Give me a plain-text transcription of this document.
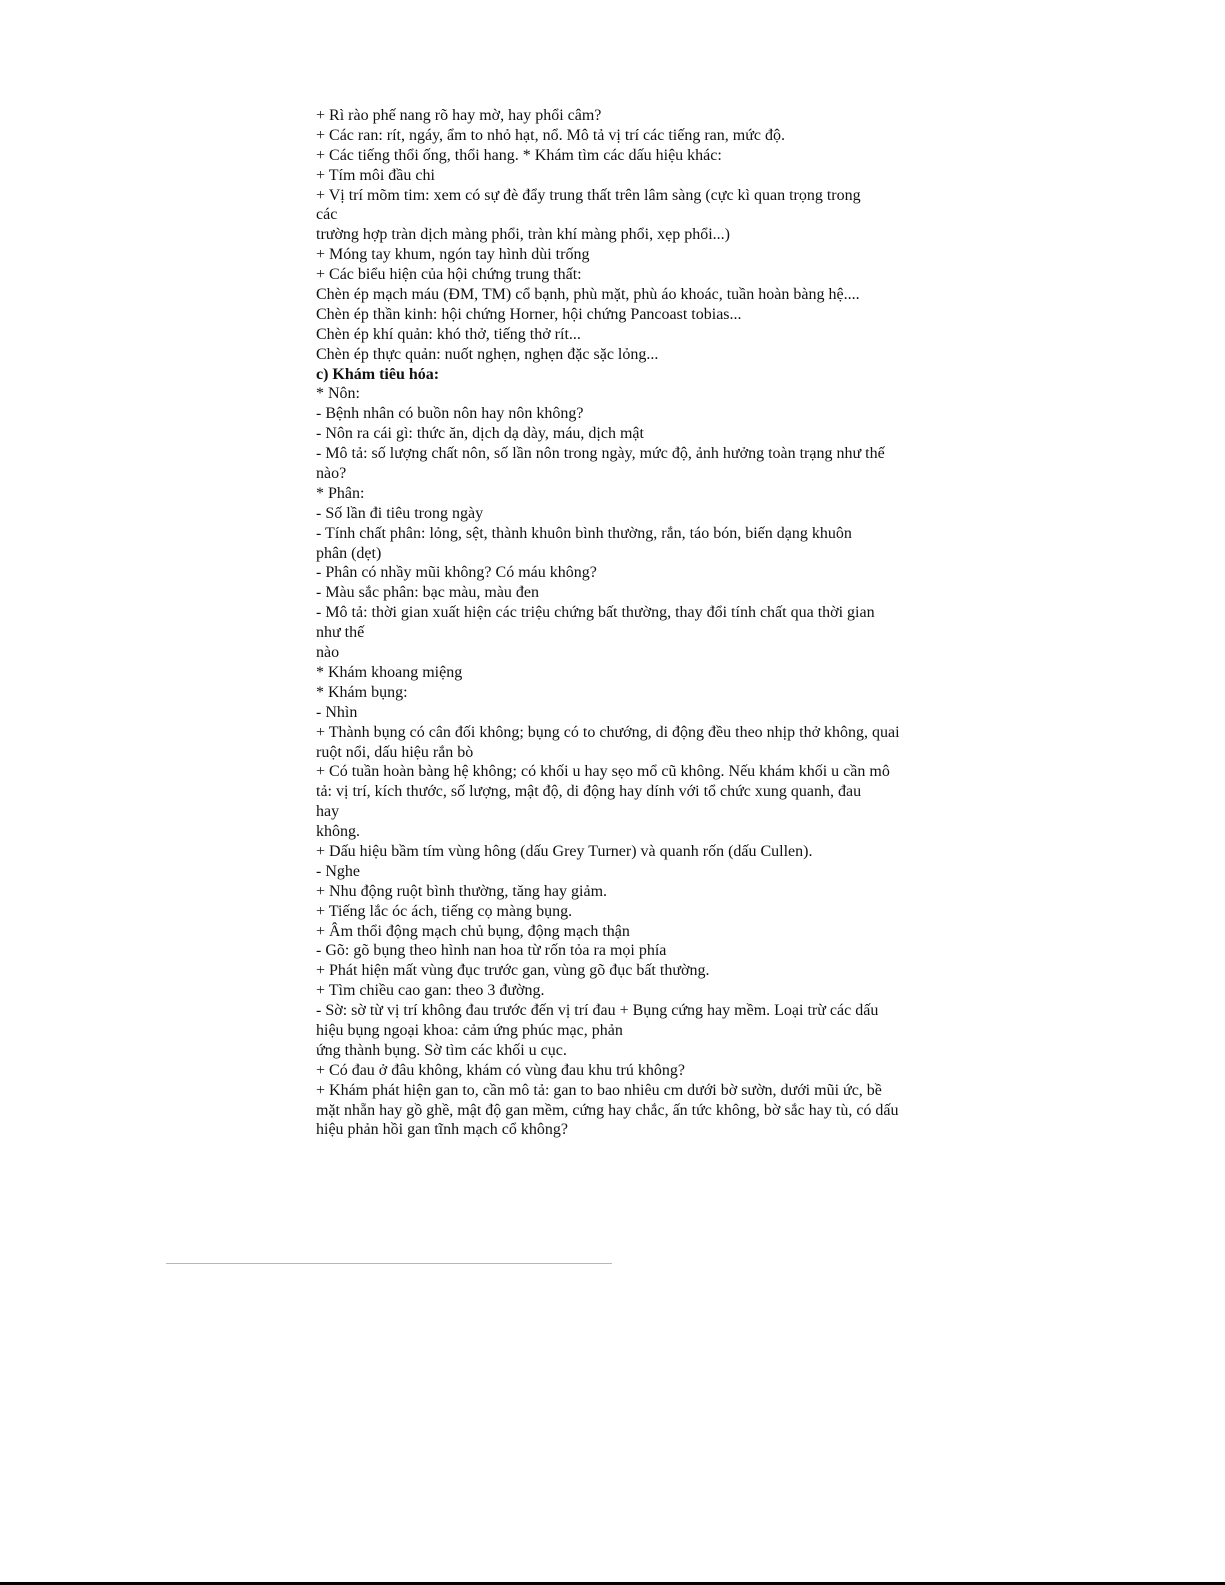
+ Rì rào phế nang rõ hay mờ, hay phổi câm?
+ Các ran: rít, ngáy, ẩm to nhỏ hạt, nổ. Mô tả vị trí các tiếng ran, mức độ.
+ Các tiếng thổi ống, thổi hang. * Khám tìm các dấu hiệu khác:
+ Tím môi đầu chi
+ Vị trí mõm tim: xem có sự đè đẩy trung thất trên lâm sàng (cực kì quan trọng trong
các
trường hợp tràn dịch màng phổi, tràn khí màng phổi, xẹp phổi...)
+ Móng tay khum, ngón tay hình dùi trống
+ Các biểu hiện của hội chứng trung thất:
Chèn ép mạch máu (ĐM, TM) cổ bạnh, phù mặt, phù áo khoác, tuần hoàn bàng hệ....
Chèn ép thần kinh: hội chứng Horner, hội chứng Pancoast tobias...
Chèn ép khí quản: khó thở, tiếng thở rít...
Chèn ép thực quản: nuốt nghẹn, nghẹn đặc sặc lỏng...
c) Khám tiêu hóa:
* Nôn:
- Bệnh nhân có buồn nôn hay nôn không?
- Nôn ra cái gì: thức ăn, dịch dạ dày, máu, dịch mật
- Mô tả: số lượng chất nôn, số lần nôn trong ngày, mức độ, ảnh hưởng toàn trạng như thế
nào?
* Phân:
- Số lần đi tiêu trong ngày
- Tính chất phân: lỏng, sệt, thành khuôn bình thường, rắn, táo bón, biến dạng khuôn
phân (dẹt)
- Phân có nhầy mũi không? Có máu không?
- Màu sắc phân: bạc màu, màu đen
- Mô tả: thời gian xuất hiện các triệu chứng bất thường, thay đổi tính chất qua thời gian
như thế
nào
* Khám khoang miệng
* Khám bụng:
- Nhìn
+ Thành bụng có cân đối không; bụng có to chướng, di động đều theo nhịp thở không, quai
ruột nổi, dấu hiệu rắn bò
+ Có tuần hoàn bàng hệ không; có khối u hay sẹo mổ cũ không. Nếu khám khối u cần mô
tả: vị trí, kích thước, số lượng, mật độ, di động hay dính với tổ chức xung quanh, đau
hay
không.
+ Dấu hiệu bầm tím vùng hông (dấu Grey Turner) và quanh rốn (dấu Cullen).
- Nghe
+ Nhu động ruột bình thường, tăng hay giảm.
+ Tiếng lắc óc ách, tiếng cọ màng bụng.
+ Âm thổi động mạch chủ bụng, động mạch thận
- Gõ: gõ bụng theo hình nan hoa từ rốn tỏa ra mọi phía
+ Phát hiện mất vùng đục trước gan, vùng gõ đục bất thường.
+ Tìm chiều cao gan: theo 3 đường.
- Sờ: sờ từ vị trí không đau trước đến vị trí đau + Bụng cứng hay mềm. Loại trừ các dấu
hiệu bụng ngoại khoa: cảm ứng phúc mạc, phản
ứng thành bụng. Sờ tìm các khối u cục.
+ Có đau ở đâu không, khám có vùng đau khu trú không?
+ Khám phát hiện gan to, cần mô tả: gan to bao nhiêu cm dưới bờ sườn, dưới mũi ức, bề
mặt nhẵn hay gồ ghề, mật độ gan mềm, cứng hay chắc, ấn tức không, bờ sắc hay tù, có dấu
hiệu phản hồi gan tĩnh mạch cổ không?
